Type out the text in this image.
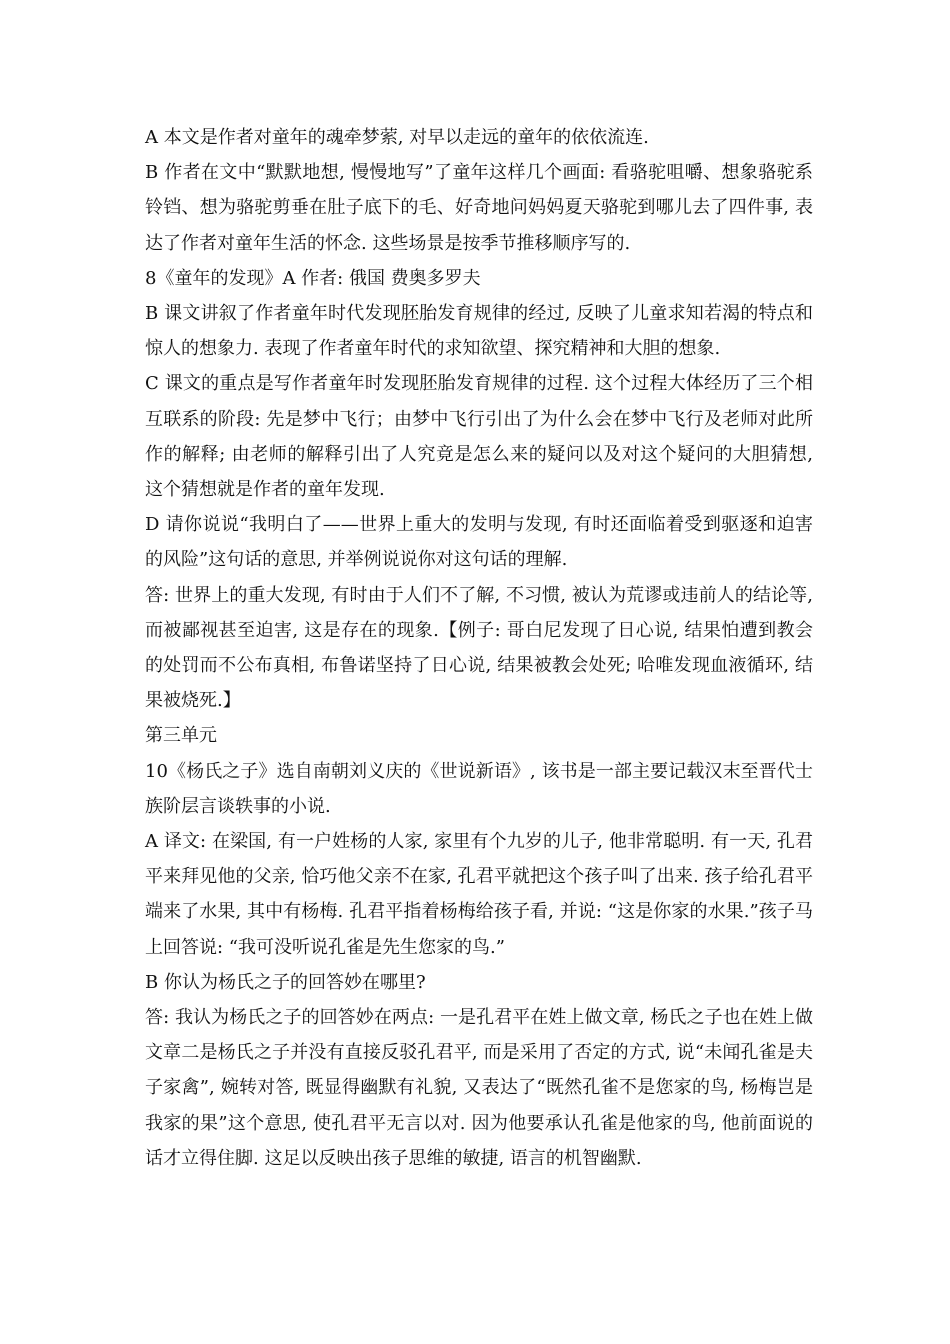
A 本文是作者对童年的魂牵梦萦, 对早以走远的童年的依依流连.

B 作者在文中“默默地想, 慢慢地写”了童年这样几个画面: 看骆驼咀嚼、想象骆驼系铃铛、想为骆驼剪垂在肚子底下的毛、好奇地问妈妈夏天骆驼到哪儿去了四件事, 表达了作者对童年生活的怀念. 这些场景是按季节推移顺序写的.

8《童年的发现》A 作者: 俄国 费奥多罗夫

B 课文讲叙了作者童年时代发现胚胎发育规律的经过, 反映了儿童求知若渴的特点和惊人的想象力. 表现了作者童年时代的求知欲望、探究精神和大胆的想象.

C 课文的重点是写作者童年时发现胚胎发育规律的过程. 这个过程大体经历了三个相互联系的阶段: 先是梦中飞行；由梦中飞行引出了为什么会在梦中飞行及老师对此所作的解释; 由老师的解释引出了人究竟是怎么来的疑问以及对这个疑问的大胆猜想, 这个猜想就是作者的童年发现.

D 请你说说“我明白了——世界上重大的发明与发现, 有时还面临着受到驱逐和迫害的风险”这句话的意思, 并举例说说你对这句话的理解.

答: 世界上的重大发现, 有时由于人们不了解, 不习惯, 被认为荒谬或违前人的结论等, 而被鄙视甚至迫害, 这是存在的现象.【例子: 哥白尼发现了日心说, 结果怕遭到教会的处罚而不公布真相, 布鲁诺坚持了日心说, 结果被教会处死; 哈唯发现血液循环, 结果被烧死.】

第三单元

10《杨氏之子》选自南朝刘义庆的《世说新语》, 该书是一部主要记载汉末至晋代士族阶层言谈轶事的小说.

A 译文: 在梁国, 有一户姓杨的人家, 家里有个九岁的儿子, 他非常聪明. 有一天, 孔君平来拜见他的父亲, 恰巧他父亲不在家, 孔君平就把这个孩子叫了出来. 孩子给孔君平端来了水果, 其中有杨梅. 孔君平指着杨梅给孩子看, 并说: “这是你家的水果.”孩子马上回答说: “我可没听说孔雀是先生您家的鸟.”

B 你认为杨氏之子的回答妙在哪里?

答: 我认为杨氏之子的回答妙在两点: 一是孔君平在姓上做文章, 杨氏之子也在姓上做文章二是杨氏之子并没有直接反驳孔君平, 而是采用了否定的方式, 说“未闻孔雀是夫子家禽”, 婉转对答, 既显得幽默有礼貌, 又表达了“既然孔雀不是您家的鸟, 杨梅岂是我家的果”这个意思, 使孔君平无言以对. 因为他要承认孔雀是他家的鸟, 他前面说的话才立得住脚. 这足以反映出孩子思维的敏捷, 语言的机智幽默.
